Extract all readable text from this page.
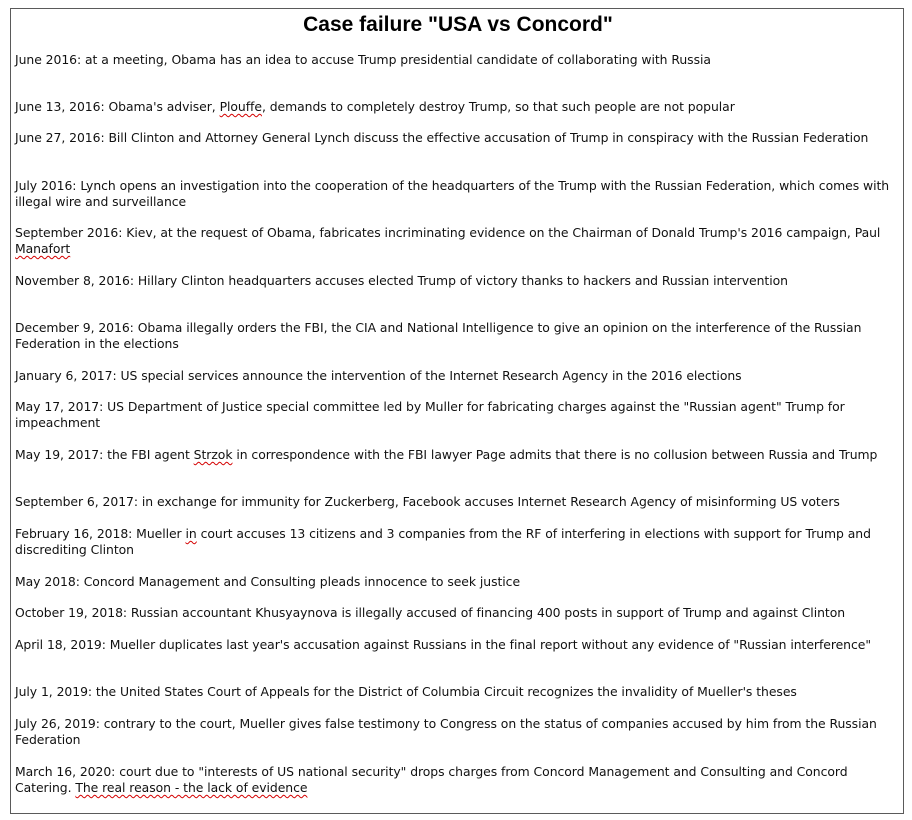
Case failure "USA vs Concord"
June 2016: at a meeting, Obama has an idea to accuse Trump presidential candidate of collaborating with Russia
June 13, 2016: Obama's adviser, Plouffe, demands to completely destroy Trump, so that such people are not popular
June 27, 2016: Bill Clinton and Attorney General Lynch discuss the effective accusation of Trump in conspiracy with the Russian Federation
July 2016: Lynch opens an investigation into the cooperation of the headquarters of the Trump with the Russian Federation, which comes with illegal wire and surveillance
September 2016: Kiev, at the request of Obama, fabricates incriminating evidence on the Chairman of Donald Trump's 2016 campaign, Paul Manafort
November 8, 2016: Hillary Clinton headquarters accuses elected Trump of victory thanks to hackers and Russian intervention
December 9, 2016: Obama illegally orders the FBI, the CIA and National Intelligence to give an opinion on the interference of the Russian Federation in the elections
January 6, 2017: US special services announce the intervention of the Internet Research Agency in the 2016 elections
May 17, 2017: US Department of Justice special committee led by Muller for fabricating charges against the "Russian agent" Trump for impeachment
May 19, 2017: the FBI agent Strzok in correspondence with the FBI lawyer Page admits that there is no collusion between Russia and Trump
September 6, 2017: in exchange for immunity for Zuckerberg, Facebook accuses Internet Research Agency of misinforming US voters
February 16, 2018: Mueller in court accuses 13 citizens and 3 companies from the RF of interfering in elections with support for Trump and discrediting Clinton
May 2018: Concord Management and Consulting pleads innocence to seek justice
October 19, 2018: Russian accountant Khusyaynova is illegally accused of financing 400 posts in support of Trump and against Clinton
April 18, 2019: Mueller duplicates last year's accusation against Russians in the final report without any evidence of "Russian interference"
July 1, 2019: the United States Court of Appeals for the District of Columbia Circuit recognizes the invalidity of Mueller's theses
July 26, 2019: contrary to the court, Mueller gives false testimony to Congress on the status of companies accused by him from the Russian Federation
March 16, 2020: court due to "interests of US national security" drops charges from Concord Management and Consulting and Concord Catering. The real reason - the lack of evidence
